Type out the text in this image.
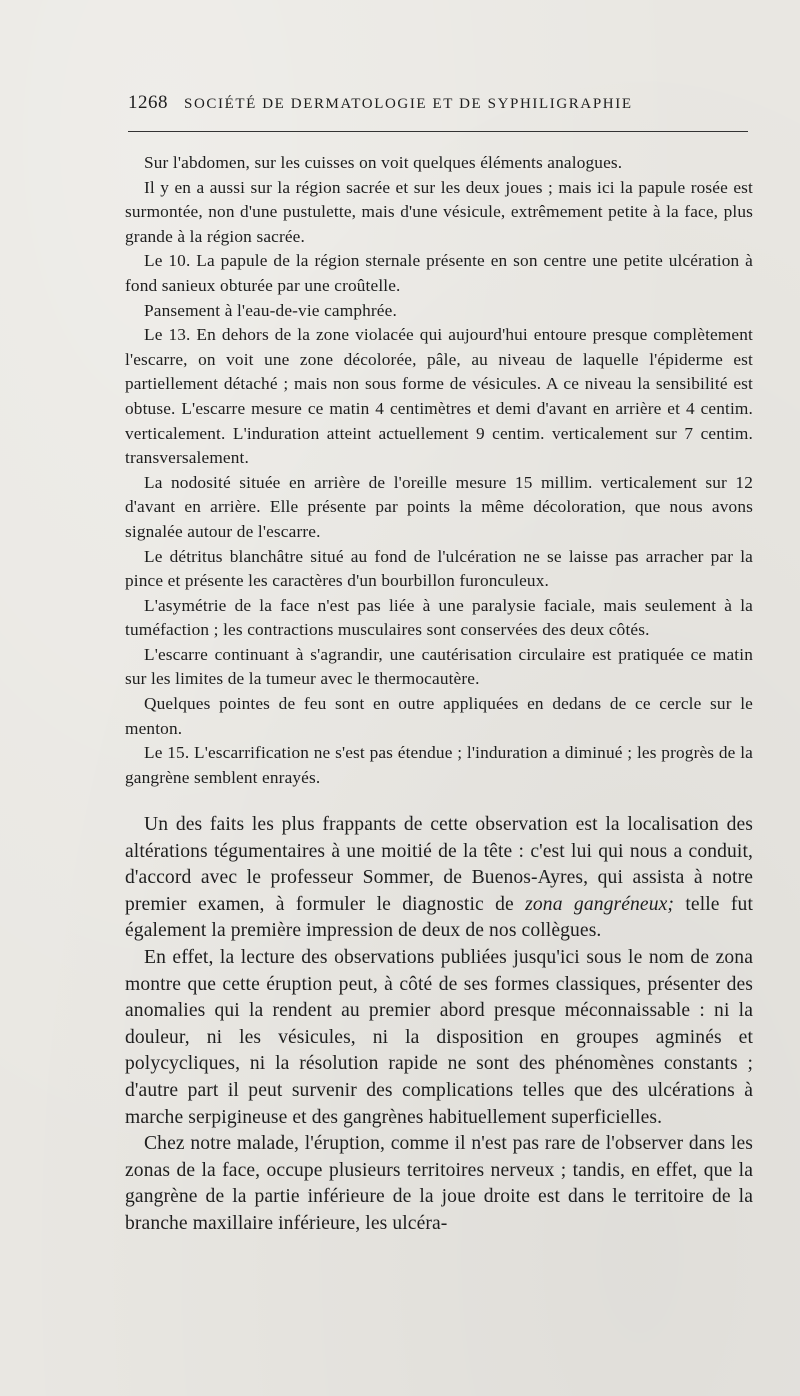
1268 SOCIÉTÉ DE DERMATOLOGIE ET DE SYPHILIGRAPHIE

Sur l'abdomen, sur les cuisses on voit quelques éléments analogues.

Il y en a aussi sur la région sacrée et sur les deux joues ; mais ici la papule rosée est surmontée, non d'une pustulette, mais d'une vésicule, extrêmement petite à la face, plus grande à la région sacrée.

Le 10. La papule de la région sternale présente en son centre une petite ulcération à fond sanieux obturée par une croûtelle.

Pansement à l'eau-de-vie camphrée.

Le 13. En dehors de la zone violacée qui aujourd'hui entoure presque complètement l'escarre, on voit une zone décolorée, pâle, au niveau de laquelle l'épiderme est partiellement détaché ; mais non sous forme de vésicules. A ce niveau la sensibilité est obtuse. L'escarre mesure ce matin 4 centimètres et demi d'avant en arrière et 4 centim. verticalement. L'induration atteint actuellement 9 centim. verticalement sur 7 centim. transversalement.

La nodosité située en arrière de l'oreille mesure 15 millim. verticalement sur 12 d'avant en arrière. Elle présente par points la même décoloration, que nous avons signalée autour de l'escarre.

Le détritus blanchâtre situé au fond de l'ulcération ne se laisse pas arracher par la pince et présente les caractères d'un bourbillon furonculeux.

L'asymétrie de la face n'est pas liée à une paralysie faciale, mais seulement à la tuméfaction ; les contractions musculaires sont conservées des deux côtés.

L'escarre continuant à s'agrandir, une cautérisation circulaire est pratiquée ce matin sur les limites de la tumeur avec le thermocautère.

Quelques pointes de feu sont en outre appliquées en dedans de ce cercle sur le menton.

Le 15. L'escarrification ne s'est pas étendue ; l'induration a diminué ; les progrès de la gangrène semblent enrayés.

Un des faits les plus frappants de cette observation est la localisation des altérations tégumentaires à une moitié de la tête : c'est lui qui nous a conduit, d'accord avec le professeur Sommer, de Buenos-Ayres, qui assista à notre premier examen, à formuler le diagnostic de zona gangréneux; telle fut également la première impression de deux de nos collègues.

En effet, la lecture des observations publiées jusqu'ici sous le nom de zona montre que cette éruption peut, à côté de ses formes classiques, présenter des anomalies qui la rendent au premier abord presque méconnaissable : ni la douleur, ni les vésicules, ni la disposition en groupes agminés et polycycliques, ni la résolution rapide ne sont des phénomènes constants ; d'autre part il peut survenir des complications telles que des ulcérations à marche serpigineuse et des gangrènes habituellement superficielles.

Chez notre malade, l'éruption, comme il n'est pas rare de l'observer dans les zonas de la face, occupe plusieurs territoires nerveux ; tandis, en effet, que la gangrène de la partie inférieure de la joue droite est dans le territoire de la branche maxillaire inférieure, les ulcéra-
